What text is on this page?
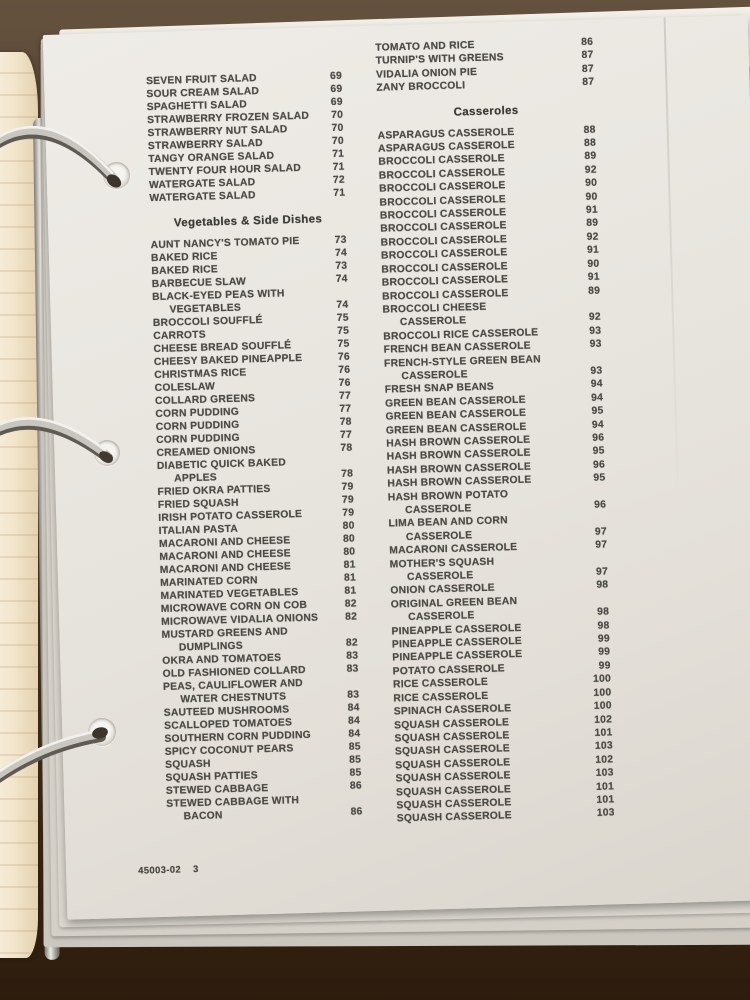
SEVEN FRUIT SALAD	69
SOUR CREAM SALAD	69
SPAGHETTI SALAD	69
STRAWBERRY FROZEN SALAD	70
STRAWBERRY NUT SALAD	70
STRAWBERRY SALAD	70
TANGY ORANGE SALAD	71
TWENTY FOUR HOUR SALAD	71
WATERGATE SALAD	72
WATERGATE SALAD	71
Vegetables & Side Dishes
AUNT NANCY'S TOMATO PIE	73
BAKED RICE	74
BAKED RICE	73
BARBECUE SLAW	74
BLACK-EYED PEAS WITH
VEGETABLES	74
BROCCOLI SOUFFLÉ	75
CARROTS	75
CHEESE BREAD SOUFFLÉ	75
CHEESY BAKED PINEAPPLE	76
CHRISTMAS RICE	76
COLESLAW	76
COLLARD GREENS	77
CORN PUDDING	77
CORN PUDDING	78
CORN PUDDING	77
CREAMED ONIONS	78
DIABETIC QUICK BAKED
APPLES	78
FRIED OKRA PATTIES	79
FRIED SQUASH	79
IRISH POTATO CASSEROLE	79
ITALIAN PASTA	80
MACARONI AND CHEESE	80
MACARONI AND CHEESE	80
MACARONI AND CHEESE	81
MARINATED CORN	81
MARINATED VEGETABLES	81
MICROWAVE CORN ON COB	82
MICROWAVE VIDALIA ONIONS	82
MUSTARD GREENS AND
DUMPLINGS	82
OKRA AND TOMATOES	83
OLD FASHIONED COLLARD	83
PEAS, CAULIFLOWER AND
WATER CHESTNUTS	83
SAUTEED MUSHROOMS	84
SCALLOPED TOMATOES	84
SOUTHERN CORN PUDDING	84
SPICY COCONUT PEARS	85
SQUASH	85
SQUASH PATTIES	85
STEWED CABBAGE	86
STEWED CABBAGE WITH
BACON	86
TOMATO AND RICE	86
TURNIP'S WITH GREENS	87
VIDALIA ONION PIE	87
ZANY BROCCOLI	87
Casseroles
ASPARAGUS CASSEROLE	88
ASPARAGUS CASSEROLE	88
BROCCOLI CASSEROLE	89
BROCCOLI CASSEROLE	92
BROCCOLI CASSEROLE	90
BROCCOLI CASSEROLE	90
BROCCOLI CASSEROLE	91
BROCCOLI CASSEROLE	89
BROCCOLI CASSEROLE	92
BROCCOLI CASSEROLE	91
BROCCOLI CASSEROLE	90
BROCCOLI CASSEROLE	91
BROCCOLI CASSEROLE	89
BROCCOLI CHEESE
CASSEROLE	92
BROCCOLI RICE CASSEROLE	93
FRENCH BEAN CASSEROLE	93
FRENCH-STYLE GREEN BEAN
CASSEROLE	93
FRESH SNAP BEANS	94
GREEN BEAN CASSEROLE	94
GREEN BEAN CASSEROLE	95
GREEN BEAN CASSEROLE	94
HASH BROWN CASSEROLE	96
HASH BROWN CASSEROLE	95
HASH BROWN CASSEROLE	96
HASH BROWN CASSEROLE	95
HASH BROWN POTATO
CASSEROLE	96
LIMA BEAN AND CORN
CASSEROLE	97
MACARONI CASSEROLE	97
MOTHER'S SQUASH
CASSEROLE	97
ONION CASSEROLE	98
ORIGINAL GREEN BEAN
CASSEROLE	98
PINEAPPLE CASSEROLE	98
PINEAPPLE CASSEROLE	99
PINEAPPLE CASSEROLE	99
POTATO CASSEROLE	99
RICE CASSEROLE	100
RICE CASSEROLE	100
SPINACH CASSEROLE	100
SQUASH CASSEROLE	102
SQUASH CASSEROLE	101
SQUASH CASSEROLE	103
SQUASH CASSEROLE	102
SQUASH CASSEROLE	103
SQUASH CASSEROLE	101
SQUASH CASSEROLE	101
SQUASH CASSEROLE	103
45003-02 3
